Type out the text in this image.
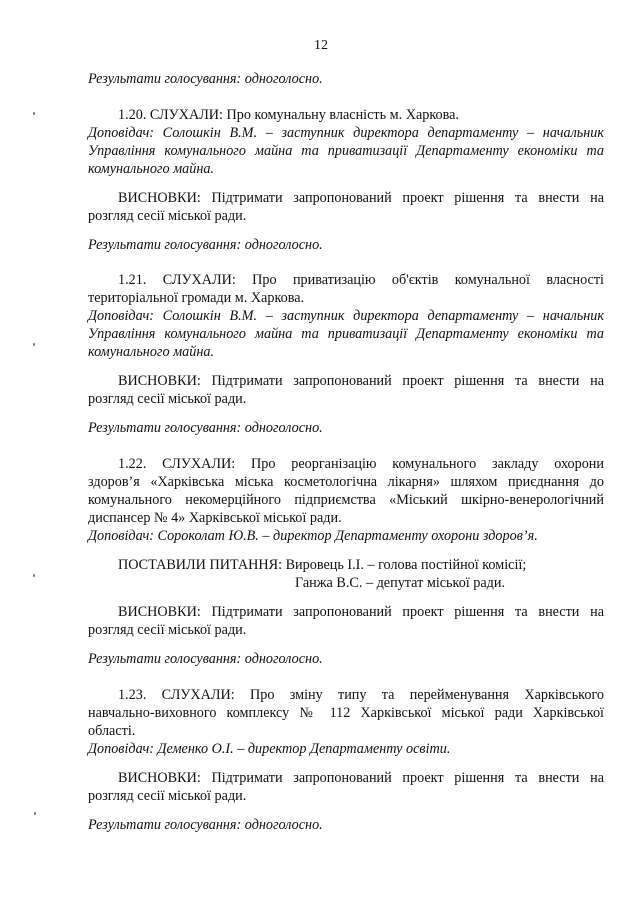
12
Результати голосування: одноголосно.
1.20. СЛУХАЛИ: Про комунальну власність м. Харкова.
Доповідач: Солошкін В.М. – заступник директора департаменту – начальник
Управління комунального майна та приватизації Департаменту економіки та
комунального майна.
ВИСНОВКИ: Підтримати запропонований проект рішення та внести на
розгляд сесії міської ради.
Результати голосування: одноголосно.
1.21. СЛУХАЛИ: Про приватизацію об'єктів комунальної власності
територіальної громади м. Харкова.
Доповідач: Солошкін В.М. – заступник директора департаменту – начальник
Управління комунального майна та приватизації Департаменту економіки та
комунального майна.
ВИСНОВКИ: Підтримати запропонований проект рішення та внести на
розгляд сесії міської ради.
Результати голосування: одноголосно.
1.22. СЛУХАЛИ: Про реорганізацію комунального закладу охорони
здоров’я «Харківська міська косметологічна лікарня» шляхом приєднання до
комунального некомерційного підприємства «Міський шкірно-венерологічний
диспансер № 4» Харківської міської ради.
Доповідач: Сороколат Ю.В. – директор Департаменту охорони здоров’я.
ПОСТАВИЛИ ПИТАННЯ: Вировець І.І. – голова постійної комісії;
Ганжа В.С. – депутат міської ради.
ВИСНОВКИ: Підтримати запропонований проект рішення та внести на
розгляд сесії міської ради.
Результати голосування: одноголосно.
1.23. СЛУХАЛИ: Про зміну типу та перейменування Харківського
навчально-виховного комплексу № 112 Харківської міської ради Харківської
області.
Доповідач: Деменко О.І. – директор Департаменту освіти.
ВИСНОВКИ: Підтримати запропонований проект рішення та внести на
розгляд сесії міської ради.
Результати голосування: одноголосно.
